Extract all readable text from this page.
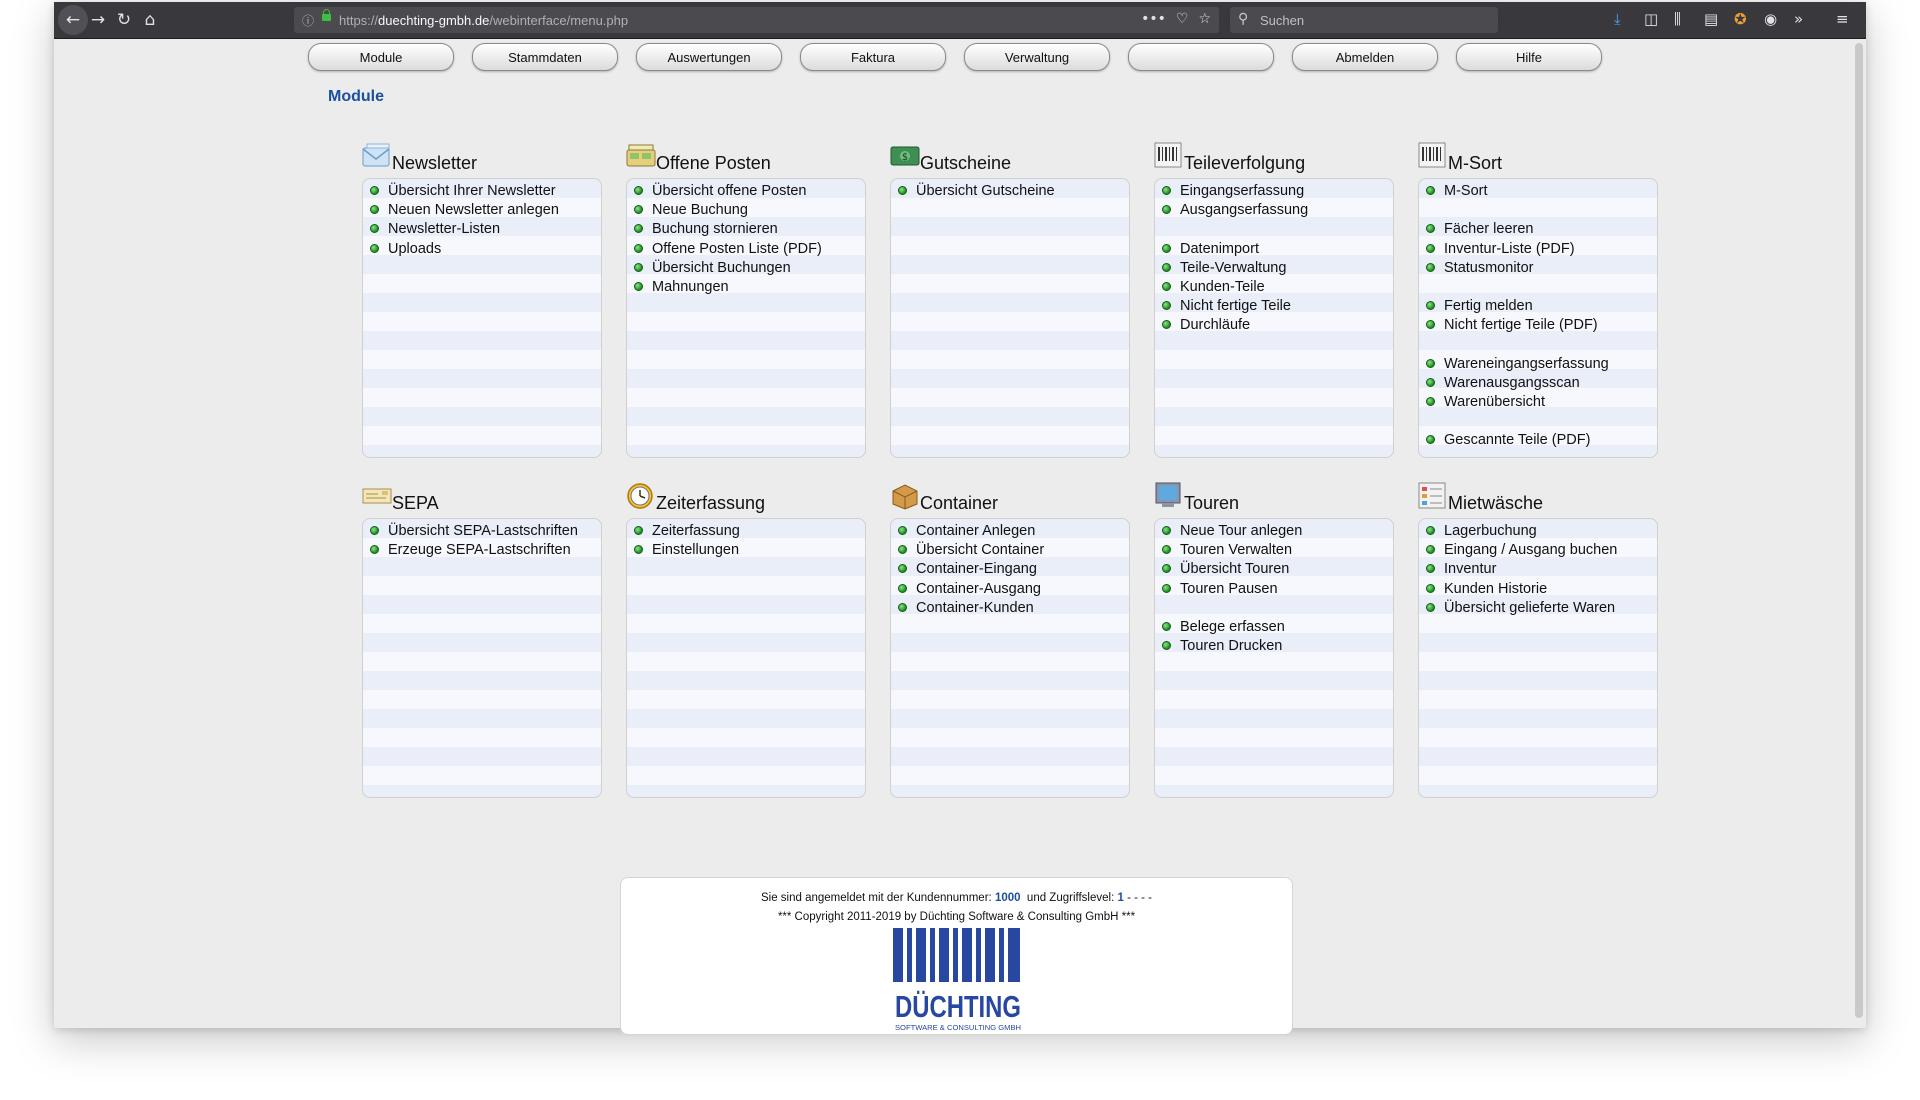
← → ↻ ⌂	ⓘ https://duechting-gmbh.de/webinterface/menu.php	••• ♡ ☆ ⚲ Suchen	⤓ ◫ ⫼ ▤ ✪ ◉ » ≡
Module	Stammdaten	Auswertungen	Faktura	Verwaltung	Abmelden	Hilfe
Module
Newsletter
Übersicht Ihrer Newsletter
Neuen Newsletter anlegen
Newsletter-Listen
Uploads
Offene Posten
Übersicht offene Posten
Neue Buchung
Buchung stornieren
Offene Posten Liste (PDF)
Übersicht Buchungen
Mahnungen
$ Gutscheine
Übersicht Gutscheine
Teileverfolgung
Eingangserfassung
Ausgangserfassung
Datenimport
Teile-Verwaltung
Kunden-Teile
Nicht fertige Teile
Durchläufe
M-Sort
M-Sort
Fächer leeren
Inventur-Liste (PDF)
Statusmonitor
Fertig melden
Nicht fertige Teile (PDF)
Wareneingangserfassung
Warenausgangsscan
Warenübersicht
Gescannte Teile (PDF)
SEPA
Übersicht SEPA-Lastschriften
Erzeuge SEPA-Lastschriften
Zeiterfassung
Zeiterfassung
Einstellungen
Container
Container Anlegen
Übersicht Container
Container-Eingang
Container-Ausgang
Container-Kunden
Touren
Neue Tour anlegen
Touren Verwalten
Übersicht Touren
Touren Pausen
Belege erfassen
Touren Drucken
Mietwäsche
Lagerbuchung
Eingang / Ausgang buchen
Inventur
Kunden Historie
Übersicht gelieferte Waren
Sie sind angemeldet mit der Kundennummer: 1000 und Zugriffslevel: 1 - - - -
*** Copyright 2011-2019 by Düchting Software & Consulting GmbH ***
DÜCHTING
SOFTWARE & CONSULTING GMBH
